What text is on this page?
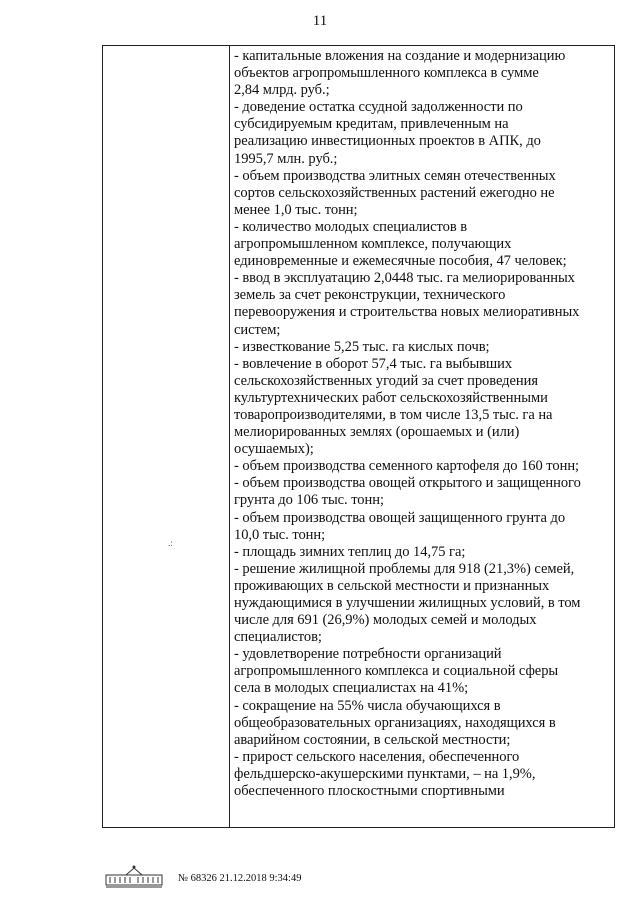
11
.:
- капитальные вложения на создание и модернизацию
объектов агропромышленного комплекса в сумме
2,84 млрд. руб.;
- доведение остатка ссудной задолженности по
субсидируемым кредитам, привлеченным на
реализацию инвестиционных проектов в АПК, до
1995,7 млн. руб.;
- объем производства элитных семян отечественных
сортов сельскохозяйственных растений ежегодно не
менее 1,0 тыс. тонн;
- количество молодых специалистов в
агропромышленном комплексе, получающих
единовременные и ежемесячные пособия, 47 человек;
- ввод в эксплуатацию 2,0448 тыс. га мелиорированных
земель за счет реконструкции, технического
перевооружения и строительства новых мелиоративных
систем;
- известкование 5,25 тыс. га кислых почв;
- вовлечение в оборот 57,4 тыс. га выбывших
сельскохозяйственных угодий за счет проведения
культуртехнических работ сельскохозяйственными
товаропроизводителями, в том числе 13,5 тыс. га на
мелиорированных землях (орошаемых и (или)
осушаемых);
- объем производства семенного картофеля до 160 тонн;
- объем производства овощей открытого и защищенного
грунта до 106 тыс. тонн;
- объем производства овощей защищенного грунта до
10,0 тыс. тонн;
- площадь зимних теплиц до 14,75 га;
- решение жилищной проблемы для 918 (21,3%) семей,
проживающих в сельской местности и признанных
нуждающимися в улучшении жилищных условий, в том
числе для 691 (26,9%) молодых семей и молодых
специалистов;
- удовлетворение потребности организаций
агропромышленного комплекса и социальной сферы
села в молодых специалистах на 41%;
- сокращение на 55% числа обучающихся в
общеобразовательных организациях, находящихся в
аварийном состоянии, в сельской местности;
- прирост сельского населения, обеспеченного
фельдшерско-акушерскими пунктами, – на 1,9%,
обеспеченного плоскостными спортивными
№ 68326 21.12.2018 9:34:49
